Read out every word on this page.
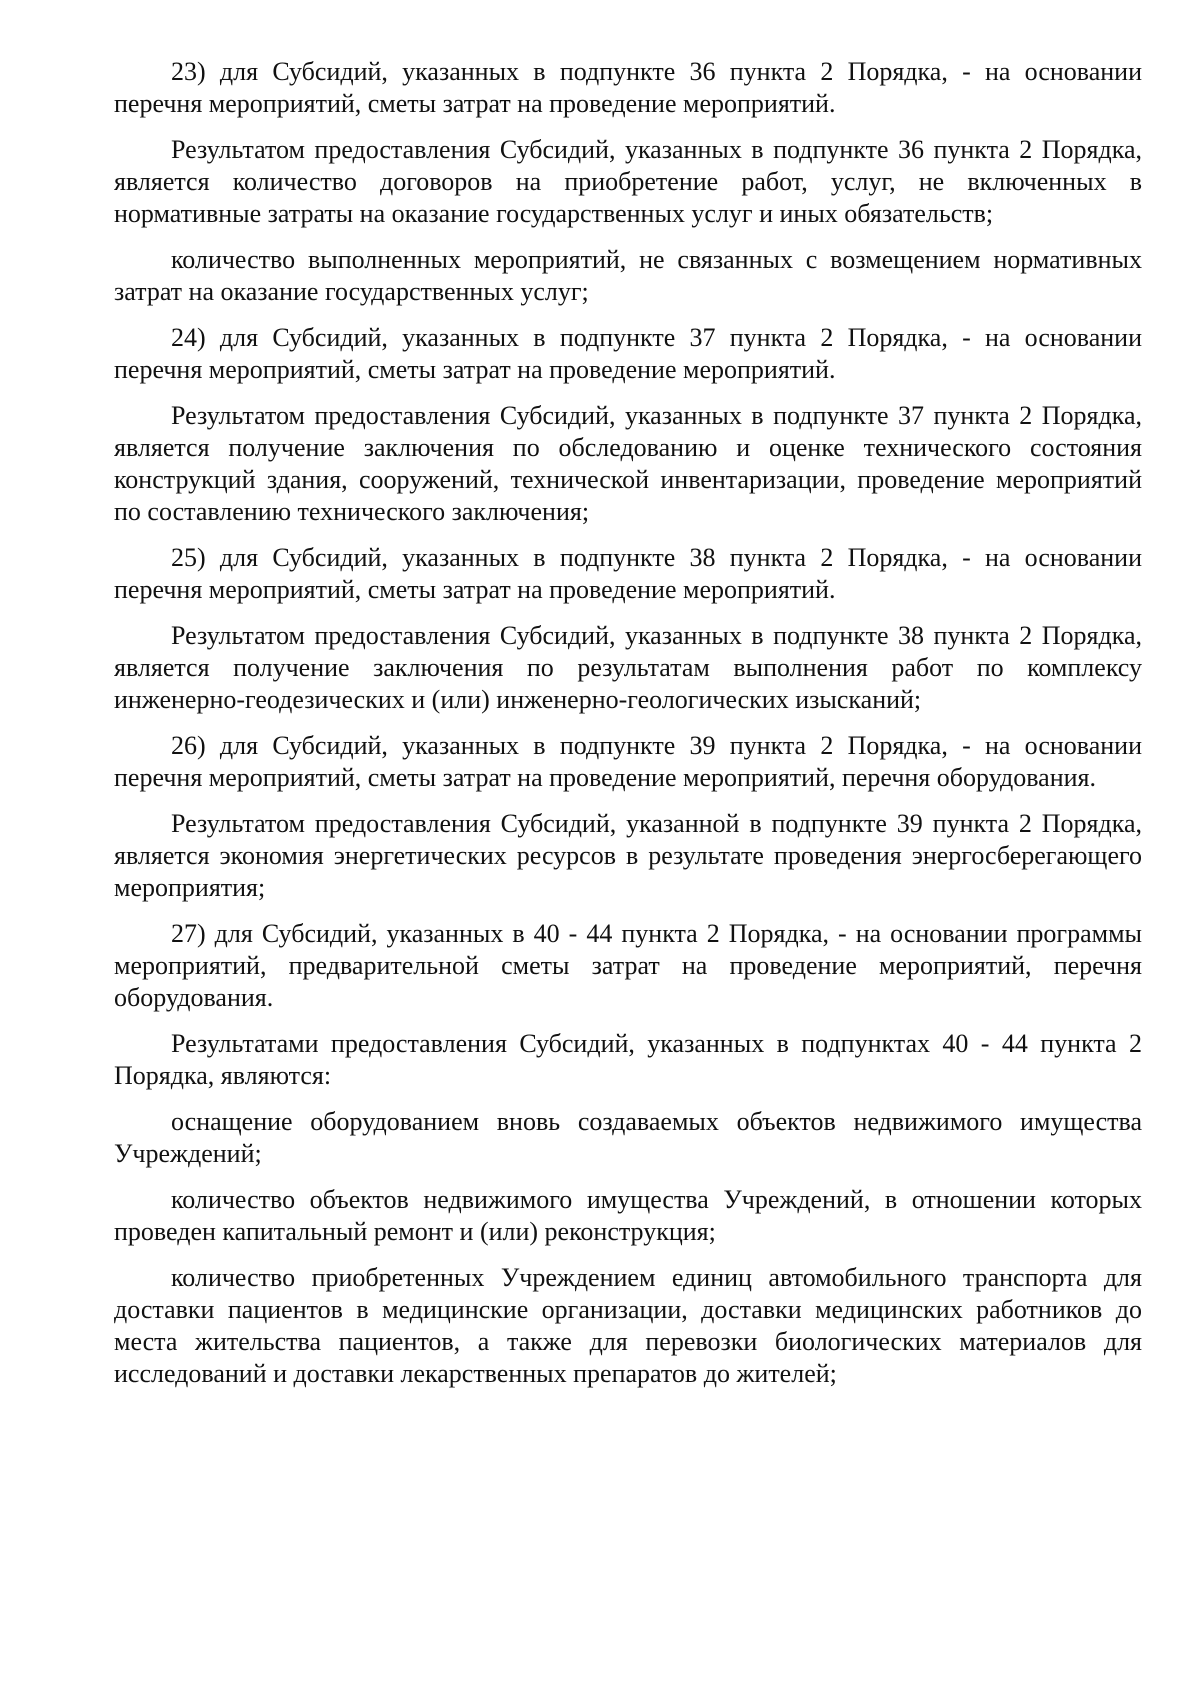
23) для Субсидий, указанных в подпункте 36 пункта 2 Порядка, - на основании перечня мероприятий, сметы затрат на проведение мероприятий.

Результатом предоставления Субсидий, указанных в подпункте 36 пункта 2 Порядка, является количество договоров на приобретение работ, услуг, не включенных в нормативные затраты на оказание государственных услуг и иных обязательств;

количество выполненных мероприятий, не связанных с возмещением нормативных затрат на оказание государственных услуг;

24) для Субсидий, указанных в подпункте 37 пункта 2 Порядка, - на основании перечня мероприятий, сметы затрат на проведение мероприятий.

Результатом предоставления Субсидий, указанных в подпункте 37 пункта 2 Порядка, является получение заключения по обследованию и оценке технического состояния конструкций здания, сооружений, технической инвентаризации, проведение мероприятий по составлению технического заключения;

25) для Субсидий, указанных в подпункте 38 пункта 2 Порядка, - на основании перечня мероприятий, сметы затрат на проведение мероприятий.

Результатом предоставления Субсидий, указанных в подпункте 38 пункта 2 Порядка, является получение заключения по результатам выполнения работ по комплексу инженерно-геодезических и (или) инженерно-геологических изысканий;

26) для Субсидий, указанных в подпункте 39 пункта 2 Порядка, - на основании перечня мероприятий, сметы затрат на проведение мероприятий, перечня оборудования.

Результатом предоставления Субсидий, указанной в подпункте 39 пункта 2 Порядка, является экономия энергетических ресурсов в результате проведения энергосберегающего мероприятия;

27) для Субсидий, указанных в 40 - 44 пункта 2 Порядка, - на основании программы мероприятий, предварительной сметы затрат на проведение мероприятий, перечня оборудования.

Результатами предоставления Субсидий, указанных в подпунктах 40 - 44 пункта 2 Порядка, являются:

оснащение оборудованием вновь создаваемых объектов недвижимого имущества Учреждений;

количество объектов недвижимого имущества Учреждений, в отношении которых проведен капитальный ремонт и (или) реконструкция;

количество приобретенных Учреждением единиц автомобильного транспорта для доставки пациентов в медицинские организации, доставки медицинских работников до места жительства пациентов, а также для перевозки биологических материалов для исследований и доставки лекарственных препаратов до жителей;
